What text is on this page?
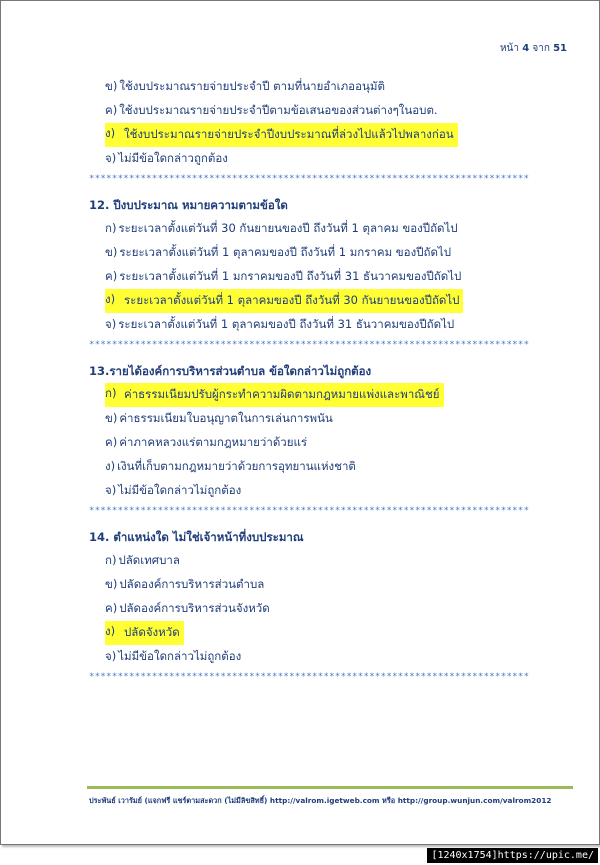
หน้า 4 จาก 51
ข) ใช้งบประมาณรายจ่ายประจำปี ตามที่นายอำเภออนุมัติ
ค) ใช้งบประมาณรายจ่ายประจำปีตามข้อเสนอของส่วนต่างๆในอบต.
ง) ใช้งบประมาณรายจ่ายประจำปีงบประมาณที่ล่วงไปแล้วไปพลางก่อน
จ) ไม่มีข้อใดกล่าวถูกต้อง
*****************************************************************************
12. ปีงบประมาณ หมายความตามข้อใด
ก) ระยะเวลาตั้งแต่วันที่ 30 กันยายนของปี ถึงวันที่ 1 ตุลาคม ของปีถัดไป
ข) ระยะเวลาตั้งแต่วันที่ 1 ตุลาคมของปี ถึงวันที่ 1 มกราคม ของปีถัดไป
ค) ระยะเวลาตั้งแต่วันที่ 1 มกราคมของปี ถึงวันที่ 31 ธันวาคมของปีถัดไป
ง) ระยะเวลาตั้งแต่วันที่ 1 ตุลาคมของปี ถึงวันที่ 30 กันยายนของปีถัดไป
จ) ระยะเวลาตั้งแต่วันที่ 1 ตุลาคมของปี ถึงวันที่ 31 ธันวาคมของปีถัดไป
*****************************************************************************
13.รายได้องค์การบริหารส่วนตำบล ข้อใดกล่าวไม่ถูกต้อง
ก) ค่าธรรมเนียมปรับผู้กระทำความผิดตามกฎหมายแพ่งและพาณิชย์
ข) ค่าธรรมเนียมใบอนุญาตในการเล่นการพนัน
ค) ค่าภาคหลวงแร่ตามกฎหมายว่าด้วยแร่
ง) เงินที่เก็บตามกฎหมายว่าด้วยการอุทยานแห่งชาติ
จ) ไม่มีข้อใดกล่าวไม่ถูกต้อง
*****************************************************************************
14. ตำแหน่งใด ไม่ใช่เจ้าหน้าที่งบประมาณ
ก) ปลัดเทศบาล
ข) ปลัดองค์การบริหารส่วนตำบล
ค) ปลัดองค์การบริหารส่วนจังหวัด
ง) ปลัดจังหวัด
จ) ไม่มีข้อใดกล่าวไม่ถูกต้อง
*****************************************************************************
ประพันธ์ เวารัมย์ (แจกฟรี แชร์ตามสะดวก (ไม่มีลิขสิทธิ์) http://valrom.igetweb.com หรือ http://group.wunjun.com/valrom2012
[1240x1754]https://upic.me/
